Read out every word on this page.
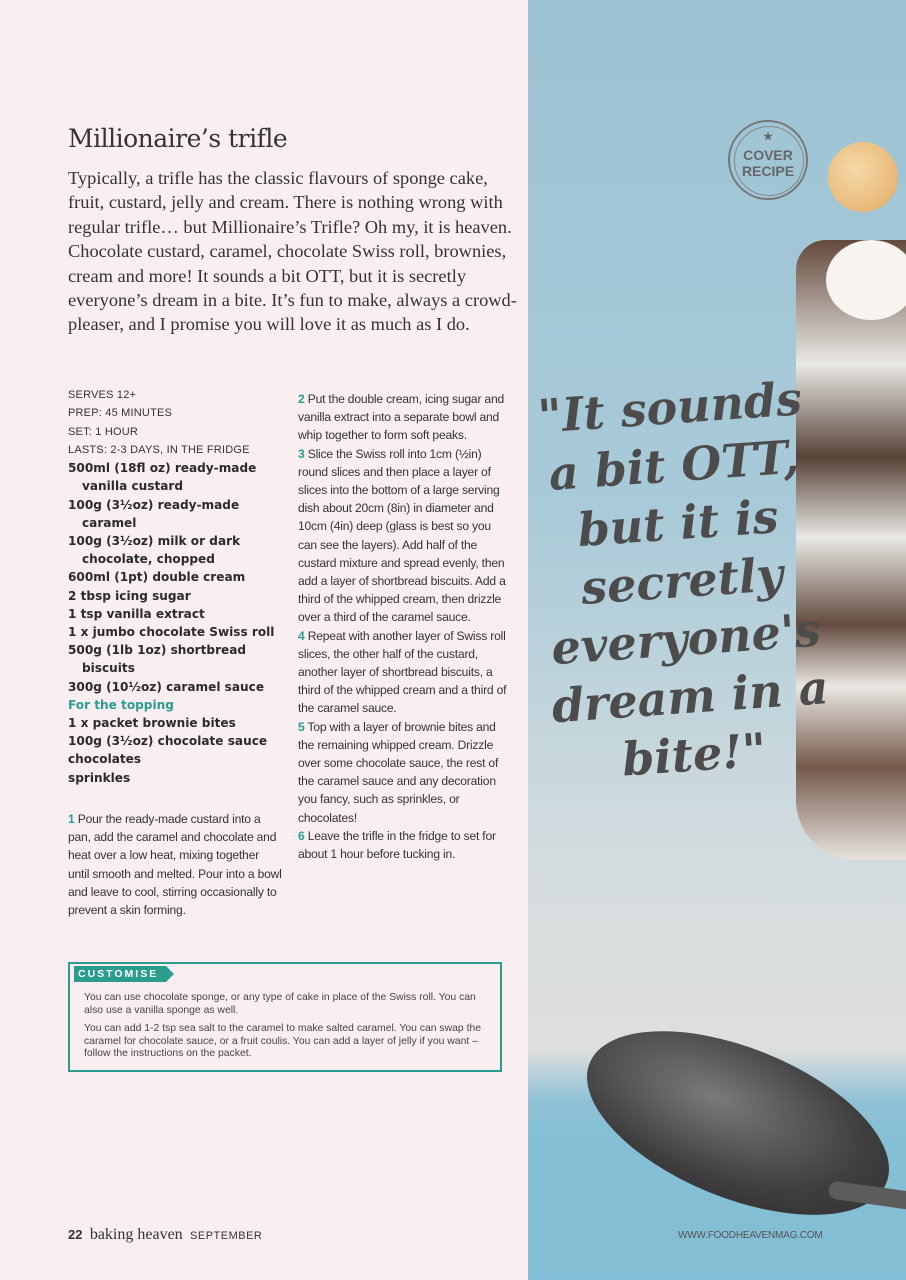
Millionaire’s trifle
Typically, a trifle has the classic flavours of sponge cake, fruit, custard, jelly and cream. There is nothing wrong with regular trifle… but Millionaire’s Trifle? Oh my, it is heaven. Chocolate custard, caramel, chocolate Swiss roll, brownies, cream and more! It sounds a bit OTT, but it is secretly everyone’s dream in a bite. It’s fun to make, always a crowd-pleaser, and I promise you will love it as much as I do.
SERVES 12+
PREP: 45 MINUTES
SET: 1 HOUR
LASTS: 2-3 DAYS, IN THE FRIDGE
500ml (18fl oz) ready-made vanilla custard
100g (3½oz) ready-made caramel
100g (3½oz) milk or dark chocolate, chopped
600ml (1pt) double cream
2 tbsp icing sugar
1 tsp vanilla extract
1 x jumbo chocolate Swiss roll
500g (1lb 1oz) shortbread biscuits
300g (10½oz) caramel sauce
For the topping
1 x packet brownie bites
100g (3½oz) chocolate sauce
chocolates
sprinkles
1 Pour the ready-made custard into a pan, add the caramel and chocolate and heat over a low heat, mixing together until smooth and melted. Pour into a bowl and leave to cool, stirring occasionally to prevent a skin forming.
2 Put the double cream, icing sugar and vanilla extract into a separate bowl and whip together to form soft peaks.
3 Slice the Swiss roll into 1cm (½in) round slices and then place a layer of slices into the bottom of a large serving dish about 20cm (8in) in diameter and 10cm (4in) deep (glass is best so you can see the layers). Add half of the custard mixture and spread evenly, then add a layer of shortbread biscuits. Add a third of the whipped cream, then drizzle over a third of the caramel sauce.
4 Repeat with another layer of Swiss roll slices, the other half of the custard, another layer of shortbread biscuits, a third of the whipped cream and a third of the caramel sauce.
5 Top with a layer of brownie bites and the remaining whipped cream. Drizzle over some chocolate sauce, the rest of the caramel sauce and any decoration you fancy, such as sprinkles, or chocolates!
6 Leave the trifle in the fridge to set for about 1 hour before tucking in.
CUSTOMISE

You can use chocolate sponge, or any type of cake in place of the Swiss roll. You can also use a vanilla sponge as well.

You can add 1-2 tsp sea salt to the caramel to make salted caramel. You can swap the caramel for chocolate sauce, or a fruit coulis. You can add a layer of jelly if you want – follow the instructions on the packet.

★
COVER
RECIPE
"It sounds a bit OTT, but it is secretly everyone's dream in a bite!"
22 baking heaven SEPTEMBER	WWW.FOODHEAVENMAG.COM
